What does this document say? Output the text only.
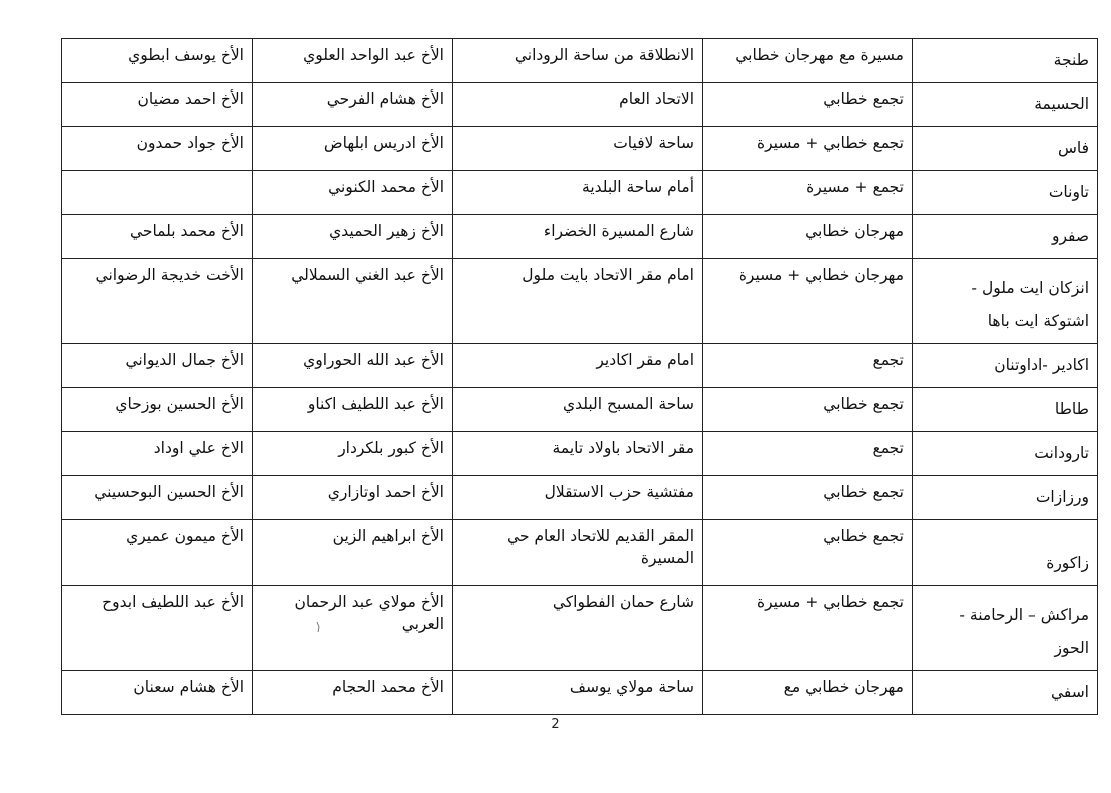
طنجة	مسيرة مع مهرجان خطابي	الانطلاقة من ساحة الروداني	الأخ عبد الواحد العلوي	الأخ يوسف ابطوي
الحسيمة	تجمع خطابي	الاتحاد العام	الأخ هشام الفرحي	الأخ احمد مضيان
فاس	تجمع خطابي + مسيرة	ساحة لافيات	الأخ ادريس ابلهاض	الأخ جواد حمدون
تاونات	تجمع + مسيرة	أمام ساحة البلدية	الأخ محمد الكنوني	
صفرو	مهرجان خطابي	شارع المسيرة الخضراء	الأخ زهير الحميدي	الأخ محمد بلماحي
انزكان ايت ملول - اشتوكة ايت باها	مهرجان خطابي + مسيرة	امام مقر الاتحاد بايت ملول	الأخ عبد الغني السملالي	الأخت خديجة الرضواني
اكادير -اداوتنان	تجمع	امام مقر اكادير	الأخ عبد الله الحوراوي	الأخ جمال الديواني
طاطا	تجمع خطابي	ساحة المسبح البلدي	الأخ عبد اللطيف اكناو	الأخ الحسين بوزحاي
تارودانت	تجمع	مقر الاتحاد باولاد تايمة	الأخ كبور بلكردار	الاخ علي اوداد
ورزازات	تجمع خطابي	مفتشية حزب الاستقلال	الأخ احمد اوتازاري	الأخ الحسين البوحسيني
زاكورة	تجمع خطابي	المقر القديم للاتحاد العام حي المسيرة	الأخ ابراهيم الزين	الأخ ميمون عميري
مراكش – الرحامنة - الحوز	تجمع خطابي + مسيرة	شارع حمان الفطواكي	الأخ مولاي عبد الرحمان العربي	الأخ عبد اللطيف ابدوح
اسفي	مهرجان خطابي مع	ساحة مولاي يوسف	الأخ محمد الحجام	الأخ هشام سعنان
2
